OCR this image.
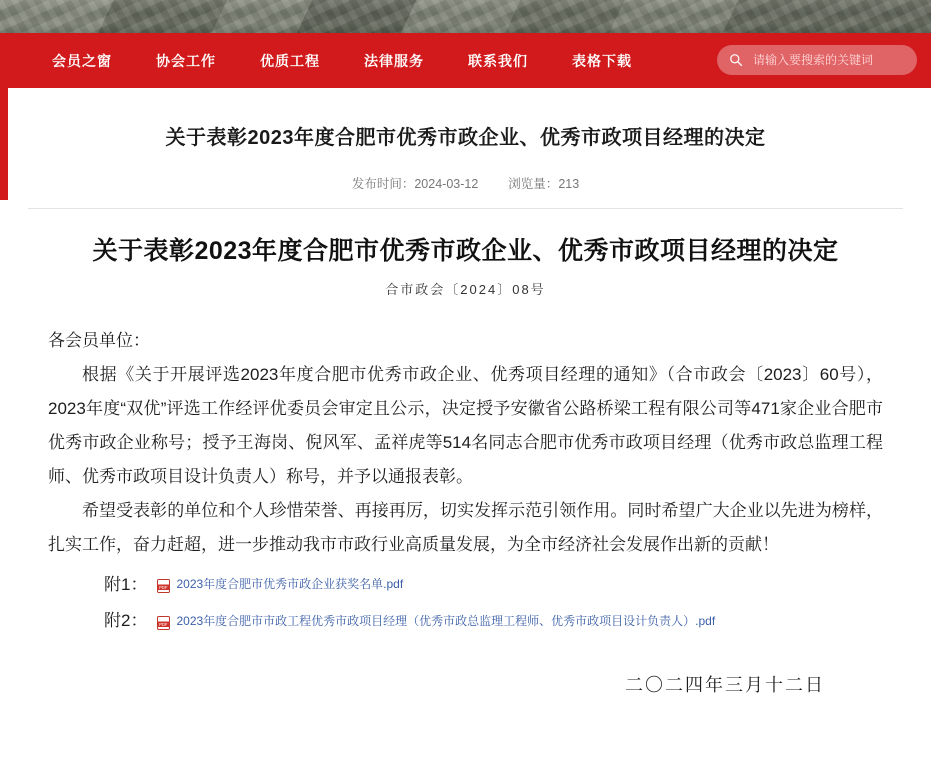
会员之窗	协会工作	优质工程	法律服务	联系我们	表格下载
请输入要搜索的关键词
关于表彰2023年度合肥市优秀市政企业、优秀市政项目经理的决定
发布时间：2024-03-12 浏览量：213
关于表彰2023年度合肥市优秀市政企业、优秀市政项目经理的决定
合市政会〔2024〕08号
各会员单位：
根据《关于开展评选2023年度合肥市优秀市政企业、优秀项目经理的通知》（合市政会〔2023〕60号），2023年度“双优”评选工作经评优委员会审定且公示，决定授予安徽省公路桥梁工程有限公司等471家企业合肥市优秀市政企业称号；授予王海岗、倪风军、孟祥虎等514名同志合肥市优秀市政项目经理（优秀市政总监理工程师、优秀市政项目设计负责人）称号，并予以通报表彰。
希望受表彰的单位和个人珍惜荣誉、再接再厉，切实发挥示范引领作用。同时希望广大企业以先进为榜样，扎实工作，奋力赶超，进一步推动我市市政行业高质量发展，为全市经济社会发展作出新的贡献！
附1：	PDF 2023年度合肥市优秀市政企业获奖名单.pdf
附2：	PDF 2023年度合肥市市政工程优秀市政项目经理（优秀市政总监理工程师、优秀市政项目设计负责人）.pdf
二〇二四年三月十二日
